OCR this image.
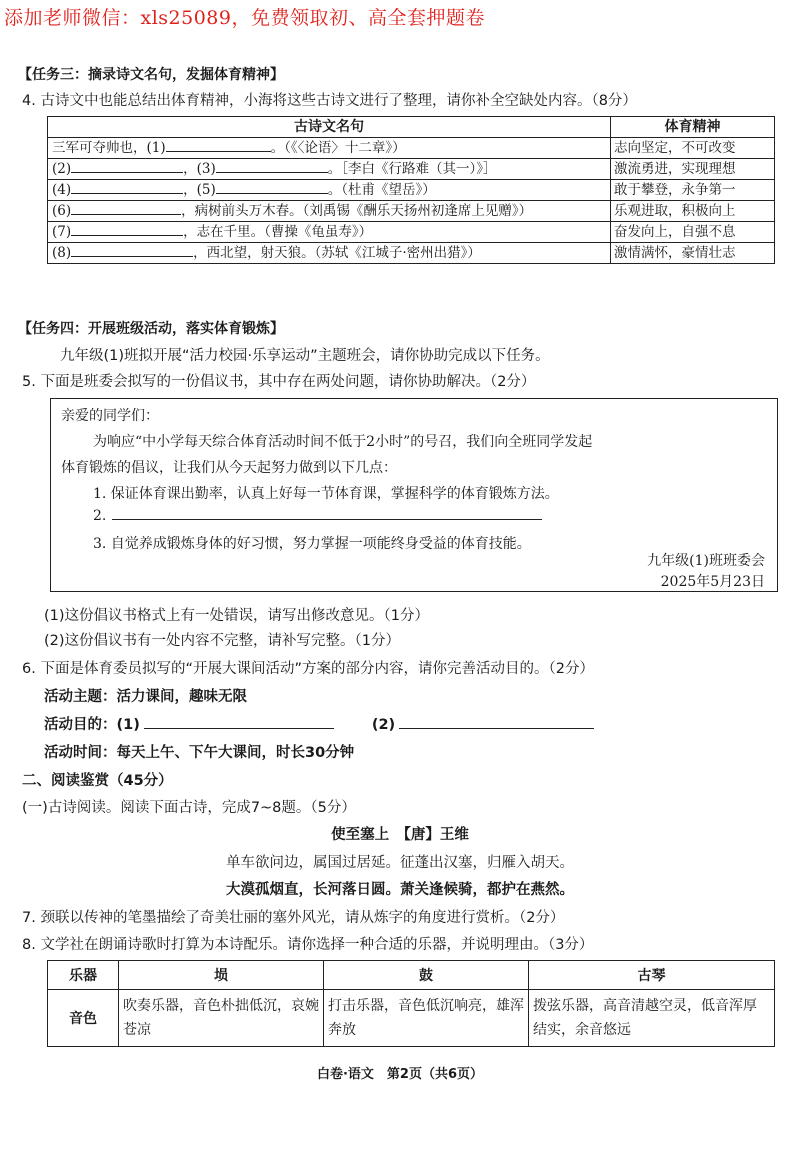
添加老师微信：xls25089，免费领取初、高全套押题卷
【任务三：摘录诗文名句，发掘体育精神】
4. 古诗文中也能总结出体育精神，小海将这些古诗文进行了整理，请你补全空缺处内容。（8分）
古诗文名句	体育精神
三军可夺帅也，(1) 。（《〈论语〉十二章》）	志向坚定，不可改变
(2) ，(3) 。［李白《行路难（其一）》］	激流勇进，实现理想
(4) ，(5) 。（杜甫《望岳》）	敢于攀登，永争第一
(6) ，病树前头万木春。（刘禹锡《酬乐天扬州初逢席上见赠》）	乐观进取，积极向上
(7) ，志在千里。（曹操《龟虽寿》）	奋发向上，自强不息
(8) ，西北望，射天狼。（苏轼《江城子·密州出猎》）	激情满怀，豪情壮志
【任务四：开展班级活动，落实体育锻炼】
九年级(1)班拟开展“活力校园·乐享运动”主题班会，请你协助完成以下任务。
5. 下面是班委会拟写的一份倡议书，其中存在两处问题，请你协助解决。（2分）
亲爱的同学们：
为响应“中小学每天综合体育活动时间不低于2小时”的号召，我们向全班同学发起
体育锻炼的倡议，让我们从今天起努力做到以下几点：
1. 保证体育课出勤率，认真上好每一节体育课，掌握科学的体育锻炼方法。
2.
3. 自觉养成锻炼身体的好习惯，努力掌握一项能终身受益的体育技能。
九年级(1)班班委会
2025年5月23日
(1)这份倡议书格式上有一处错误，请写出修改意见。（1分）
(2)这份倡议书有一处内容不完整，请补写完整。（1分）
6. 下面是体育委员拟写的“开展大课间活动”方案的部分内容，请你完善活动目的。（2分）
活动主题：活力课间，趣味无限
活动目的：(1)	(2)
活动时间：每天上午、下午大课间，时长30分钟
二、阅读鉴赏（45分）
(一)古诗阅读。阅读下面古诗，完成7~8题。（5分）
使至塞上　【唐】王维
单车欲问边，属国过居延。征蓬出汉塞，归雁入胡天。
大漠孤烟直，长河落日圆。萧关逢候骑，都护在燕然。
7. 颈联以传神的笔墨描绘了奇美壮丽的塞外风光，请从炼字的角度进行赏析。（2分）
8. 文学社在朗诵诗歌时打算为本诗配乐。请你选择一种合适的乐器，并说明理由。（3分）
乐器	埙	鼓	古琴
音色	吹奏乐器，音色朴拙低沉，哀婉苍凉	打击乐器，音色低沉响亮，雄浑奔放	拨弦乐器，高音清越空灵，低音浑厚结实，余音悠远
白卷·语文　第2页（共6页）
